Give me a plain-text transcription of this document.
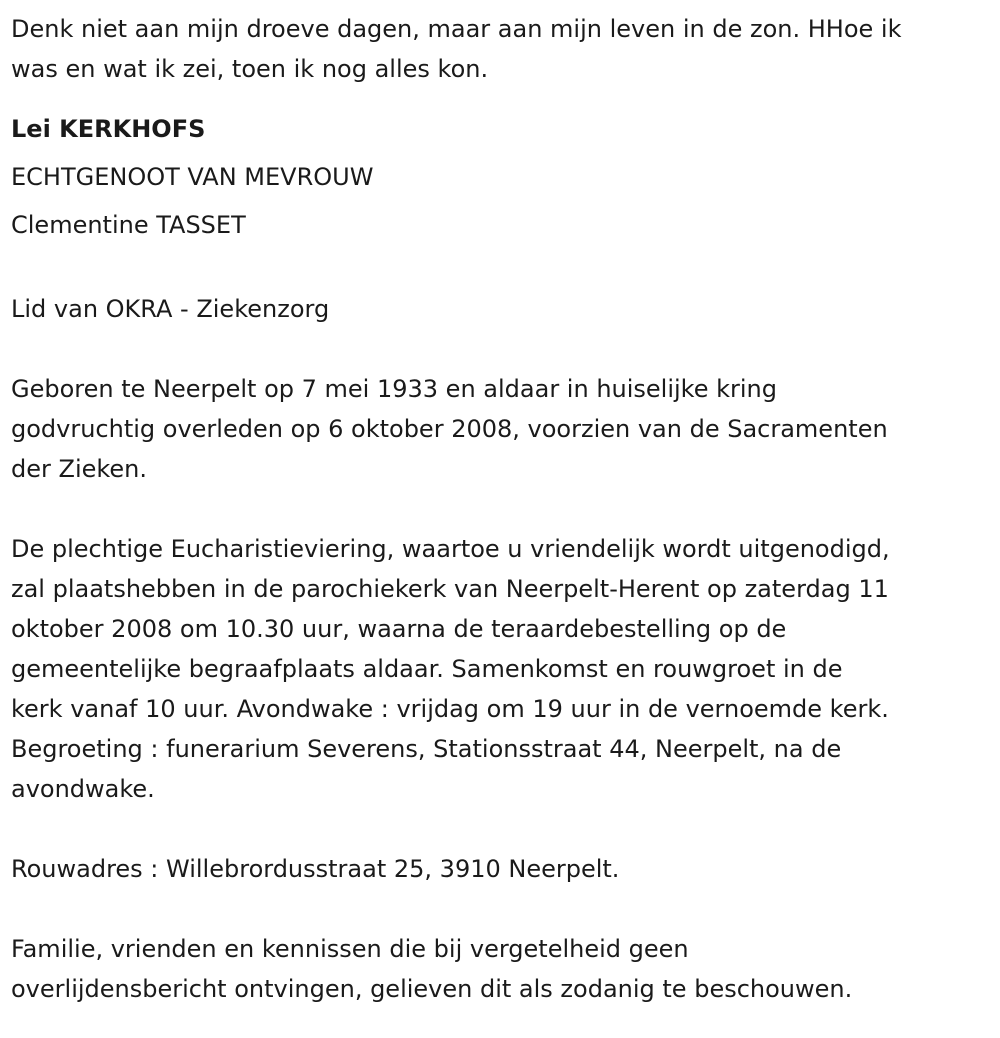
Denk niet aan mijn droeve dagen, maar aan mijn leven in de zon. HHoe ik
was en wat ik zei, toen ik nog alles kon.
Lei KERKHOFS
ECHTGENOOT VAN MEVROUW
Clementine TASSET
Lid van OKRA - Ziekenzorg
Geboren te Neerpelt op 7 mei 1933 en aldaar in huiselijke kring
godvruchtig overleden op 6 oktober 2008, voorzien van de Sacramenten
der Zieken.
De plechtige Eucharistieviering, waartoe u vriendelijk wordt uitgenodigd,
zal plaatshebben in de parochiekerk van Neerpelt-Herent op zaterdag 11
oktober 2008 om 10.30 uur, waarna de teraardebestelling op de
gemeentelijke begraafplaats aldaar. Samenkomst en rouwgroet in de
kerk vanaf 10 uur. Avondwake : vrijdag om 19 uur in de vernoemde kerk.
Begroeting : funerarium Severens, Stationsstraat 44, Neerpelt, na de
avondwake.
Rouwadres : Willebrordusstraat 25, 3910 Neerpelt.
Familie, vrienden en kennissen die bij vergetelheid geen
overlijdensbericht ontvingen, gelieven dit als zodanig te beschouwen.
